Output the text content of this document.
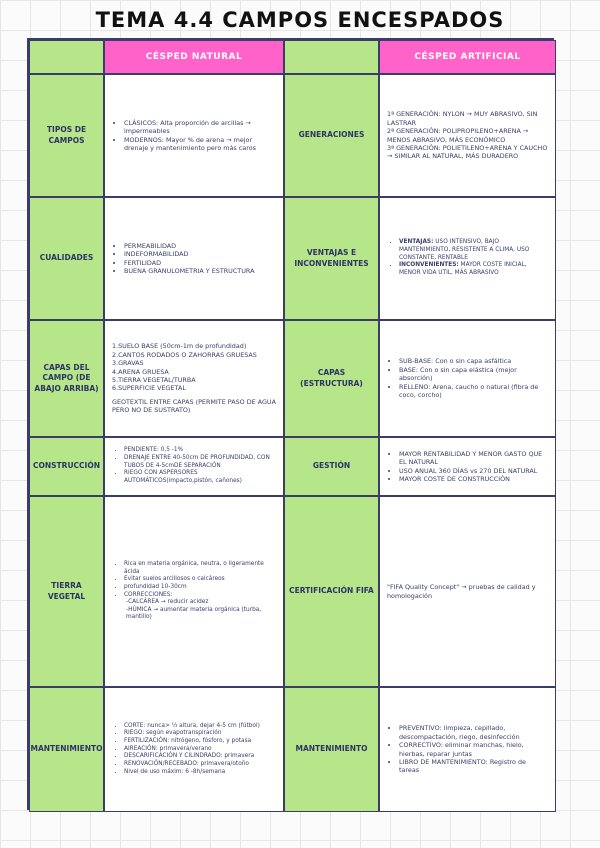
TEMA 4.4 CAMPOS ENCESPADOS
CÉSPED NATURAL	CÉSPED ARTIFICIAL
TIPOS DE CAMPOS
• CLÁSICOS: Alta proporción de arcillas → impermeables
• MODERNOS: Mayor % de arena → mejor drenaje y mantenimiento pero más caros
GENERACIONES

1ª GENERACIÓN: NYLON → MUY ABRASIVO, SIN LASTRAR

2ª GENERACIÓN: POLIPROPILENO+ARENA → MENOS ABRASIVO, MÁS ECONÓMICO

3ª GENERACIÓN: POLIETILENO+ARENA Y CAUCHO → SIMILAR AL NATURAL, MÁS DURADERO

CUALIDADES
• PERMEABILIDAD
• INDEFORMABILIDAD
• FERTILIDAD
• BUENA GRANULOMETRIA Y ESTRUCTURA
VENTAJAS E INCONVENIENTES
• VENTAJAS: USO INTENSIVO, BAJO MANTENIMIENTO, RESISTENTE A CLIMA, USO CONSTANTE, RENTABLE
• INCONVENIENTES: MAYOR COSTE INICIAL, MENOR VIDA UTIL, MÁS ABRASIVO
CAPAS DEL CAMPO (DE ABAJO ARRIBA)

1.SUELO BASE (50cm-1m de profundidad)

2.CANTOS RODADOS O ZAHORRAS GRUESAS

3.GRAVAS

4.ARENA GRUESA

5.TIERRA VEGETAL/TURBA

6.SUPERFICIE VEGETAL

GEOTEXTIL ENTRE CAPAS (PERMITE PASO DE AGUA PERO NO DE SUSTRATO)

CAPAS (ESTRUCTURA)
• SUB-BASE: Con o sin capa asfáltica
• BASE: Con o sin capa elástica (mejor absorción)
• RELLENO: Arena, caucho o natural (fibra de coco, corcho)
CONSTRUCCIÓN
• PENDIENTE: 0,5 -1%
• DRENAJE ENTRE 40-50cm DE PROFUNDIDAD, CON TUBOS DE 4-5cmDE SEPARACIÓN
• RIEGO CON ASPERSORES AUTOMÁTICOS(impacto,pistón, cañones)
GESTIÓN
• MAYOR RENTABILIDAD Y MENOR GASTO QUE EL NATURAL
• USO ANUAL 360 DÍAS vs 270 DEL NATURAL
• MAYOR COSTE DE CONSTRUCCIÓN
TIERRA VEGETAL
• Rica en materia orgánica, neutra, o ligeramente ácida
• Evitar suelos arcillosos o calcáreos
• profundidad 10-30cm
• CORRECCIONES:

-CALCÁREA → reducir acidez

-HÚMICA → aumentar materia orgánica (turba, mantillo)

CERTIFICACIÓN FIFA	"FIFA Quality Concept" → pruebas de calidad y homologación

MANTENIMIENTO
• CORTE: nunca> ⅓ altura, dejar 4-5 cm (fútbol)
• RIEGO: según evapotranspiración
• FERTILIZACIÓN: nitrógeno, fósforo, y potasa
• AIREACIÓN: primavera/verano
• DESCARIFICACIÓN Y CILINDRADO: primavera
• RENOVACIÓN/RECEBADO: primavera/otoño
• Nivel de uso máxim: 6 -8h/semana
MANTENIMIENTO
• PREVENTIVO: limpieza, cepillado, descompactación, riego, desinfección
• CORRECTIVO: eliminar manchas, hielo, hierbas, reparar juntas
• LIBRO DE MANTENIMIENTO: Registro de tareas
